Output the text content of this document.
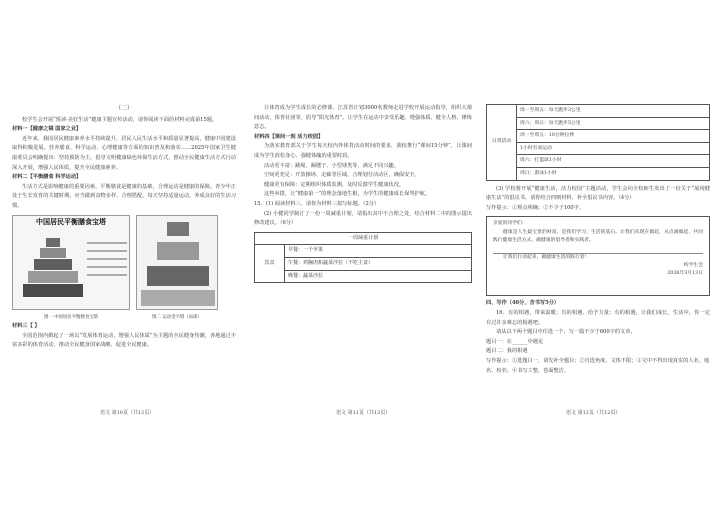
（二）
校学生会开展“悦读·美好生活”健康主题宣传活动，请你阅读下面的材料完成第15题。
材料一【健康之镜 国家之业】
近年来，我国居民健康素养水平持续提升，居民人民生活水平和质量显著提高，健康中国建设取得积极进展。营养膳食、科学运动、心理健康等方面的知识普及和落实……2025年国家卫生健康委员会明确提出：坚持预防为主，倡导文明健康绿色环保生活方式，推动全民健康生活方式行动深入开展，增强人民体质，提升全民健康素养。
材料二【平衡膳食 科学运动】
生活方式是影响健康的重要因素。平衡膳食是健康的基础，合理运动是健康的保障。青少年正处于生长发育的关键时期，应当做到食物多样、合理搭配，每天坚持适量运动，养成良好的生活习惯。
中国居民平衡膳食宝塔
图一 中国居民平衡膳食宝塔	图二 运动金字塔（局部）
材料三【 】
全国范围内掀起了一场以“发展体育运动，增强人民体质”为主题的全民健身热潮，各地通过丰富多彩的体育活动，推动全民健身国家战略，促进全民健康。
语文 第10页（共12页）
让体育成为学生成长的必修课。江苏省计划3000名教师走进学校开展运动指导，组织大课间活动、体育社团等，倡导“阳光体育”，让学生在运动中享受乐趣、增强体质、健全人格、锤炼意志。
材料四【课间一刻 活力校园】
为落实教育部关于学生每天校内外体育活动时间的要求，我校推行“课间15分钟”，让课间成为学生放松身心、强健体魄的重要时段。
活动更丰富：跳绳、踢毽子、小型球类等，满足不同兴趣。
空间更充足：开放操场、走廊等区域，合理划分活动区，确保安全。
健康更有保障：定期组织体质监测，及时反馈学生健康状况。
这些举措，让“健康第一”的理念落地生根，为学生的健康成长保驾护航。
15．(1) 阅读材料三，请你为材料三拟写标题。（2分）
(2) 小健同学制订了一份一周减重计划，请指出其中不合理之处，结合材料二中的图示提出修改建议。（6分）
一周减重计划
饮食	早餐：一个苹果
午餐：鸡胸肉和蔬菜沙拉（不吃主食）
晚餐：蔬菜沙拉
语文 第11页（共12页）
日常活动	周一至周五：每天跑步3公里
周六、周日：每天跑步5公里
周一至周五：10分钟拉伸
1小时有氧运动
周六：打篮球1小时
周日：游泳1小时
(3) 学校将开展“健康生活，活力校园”主题活动，学生会向全校师生发出了一份关于“展现健康生活”的倡议书，请你结合四则材料，补全倡议书内容。（4分）
写作提示：①观点明确；②不少于100字。
亲爱的同学们：
健康是人生最宝贵的财富，是我们学习、生活的基石。让我们从现在做起，从点滴做起，共同践行健康生活方式，做健康的倡导者和实践者。
让我们行动起来，做健康生活的践行者！
校学生会
2026年3月13日
四、写作（40分，含书写5分）
16．有的相遇，带来温暖；有的相遇，给予力量；有的相遇，让我们成长。生活中，你一定有过许多难忘的相遇吧。
请从以下两个题目中任选一个，写一篇不少于600字的文章。
题目一：在______中遇见
题目二：我的相遇
写作提示：①选题目一，请先补全题目；②自选角度，文体不限；③文中不得出现真实的人名、地名、校名；④书写工整，卷面整洁。
语文 第12页（共12页）
